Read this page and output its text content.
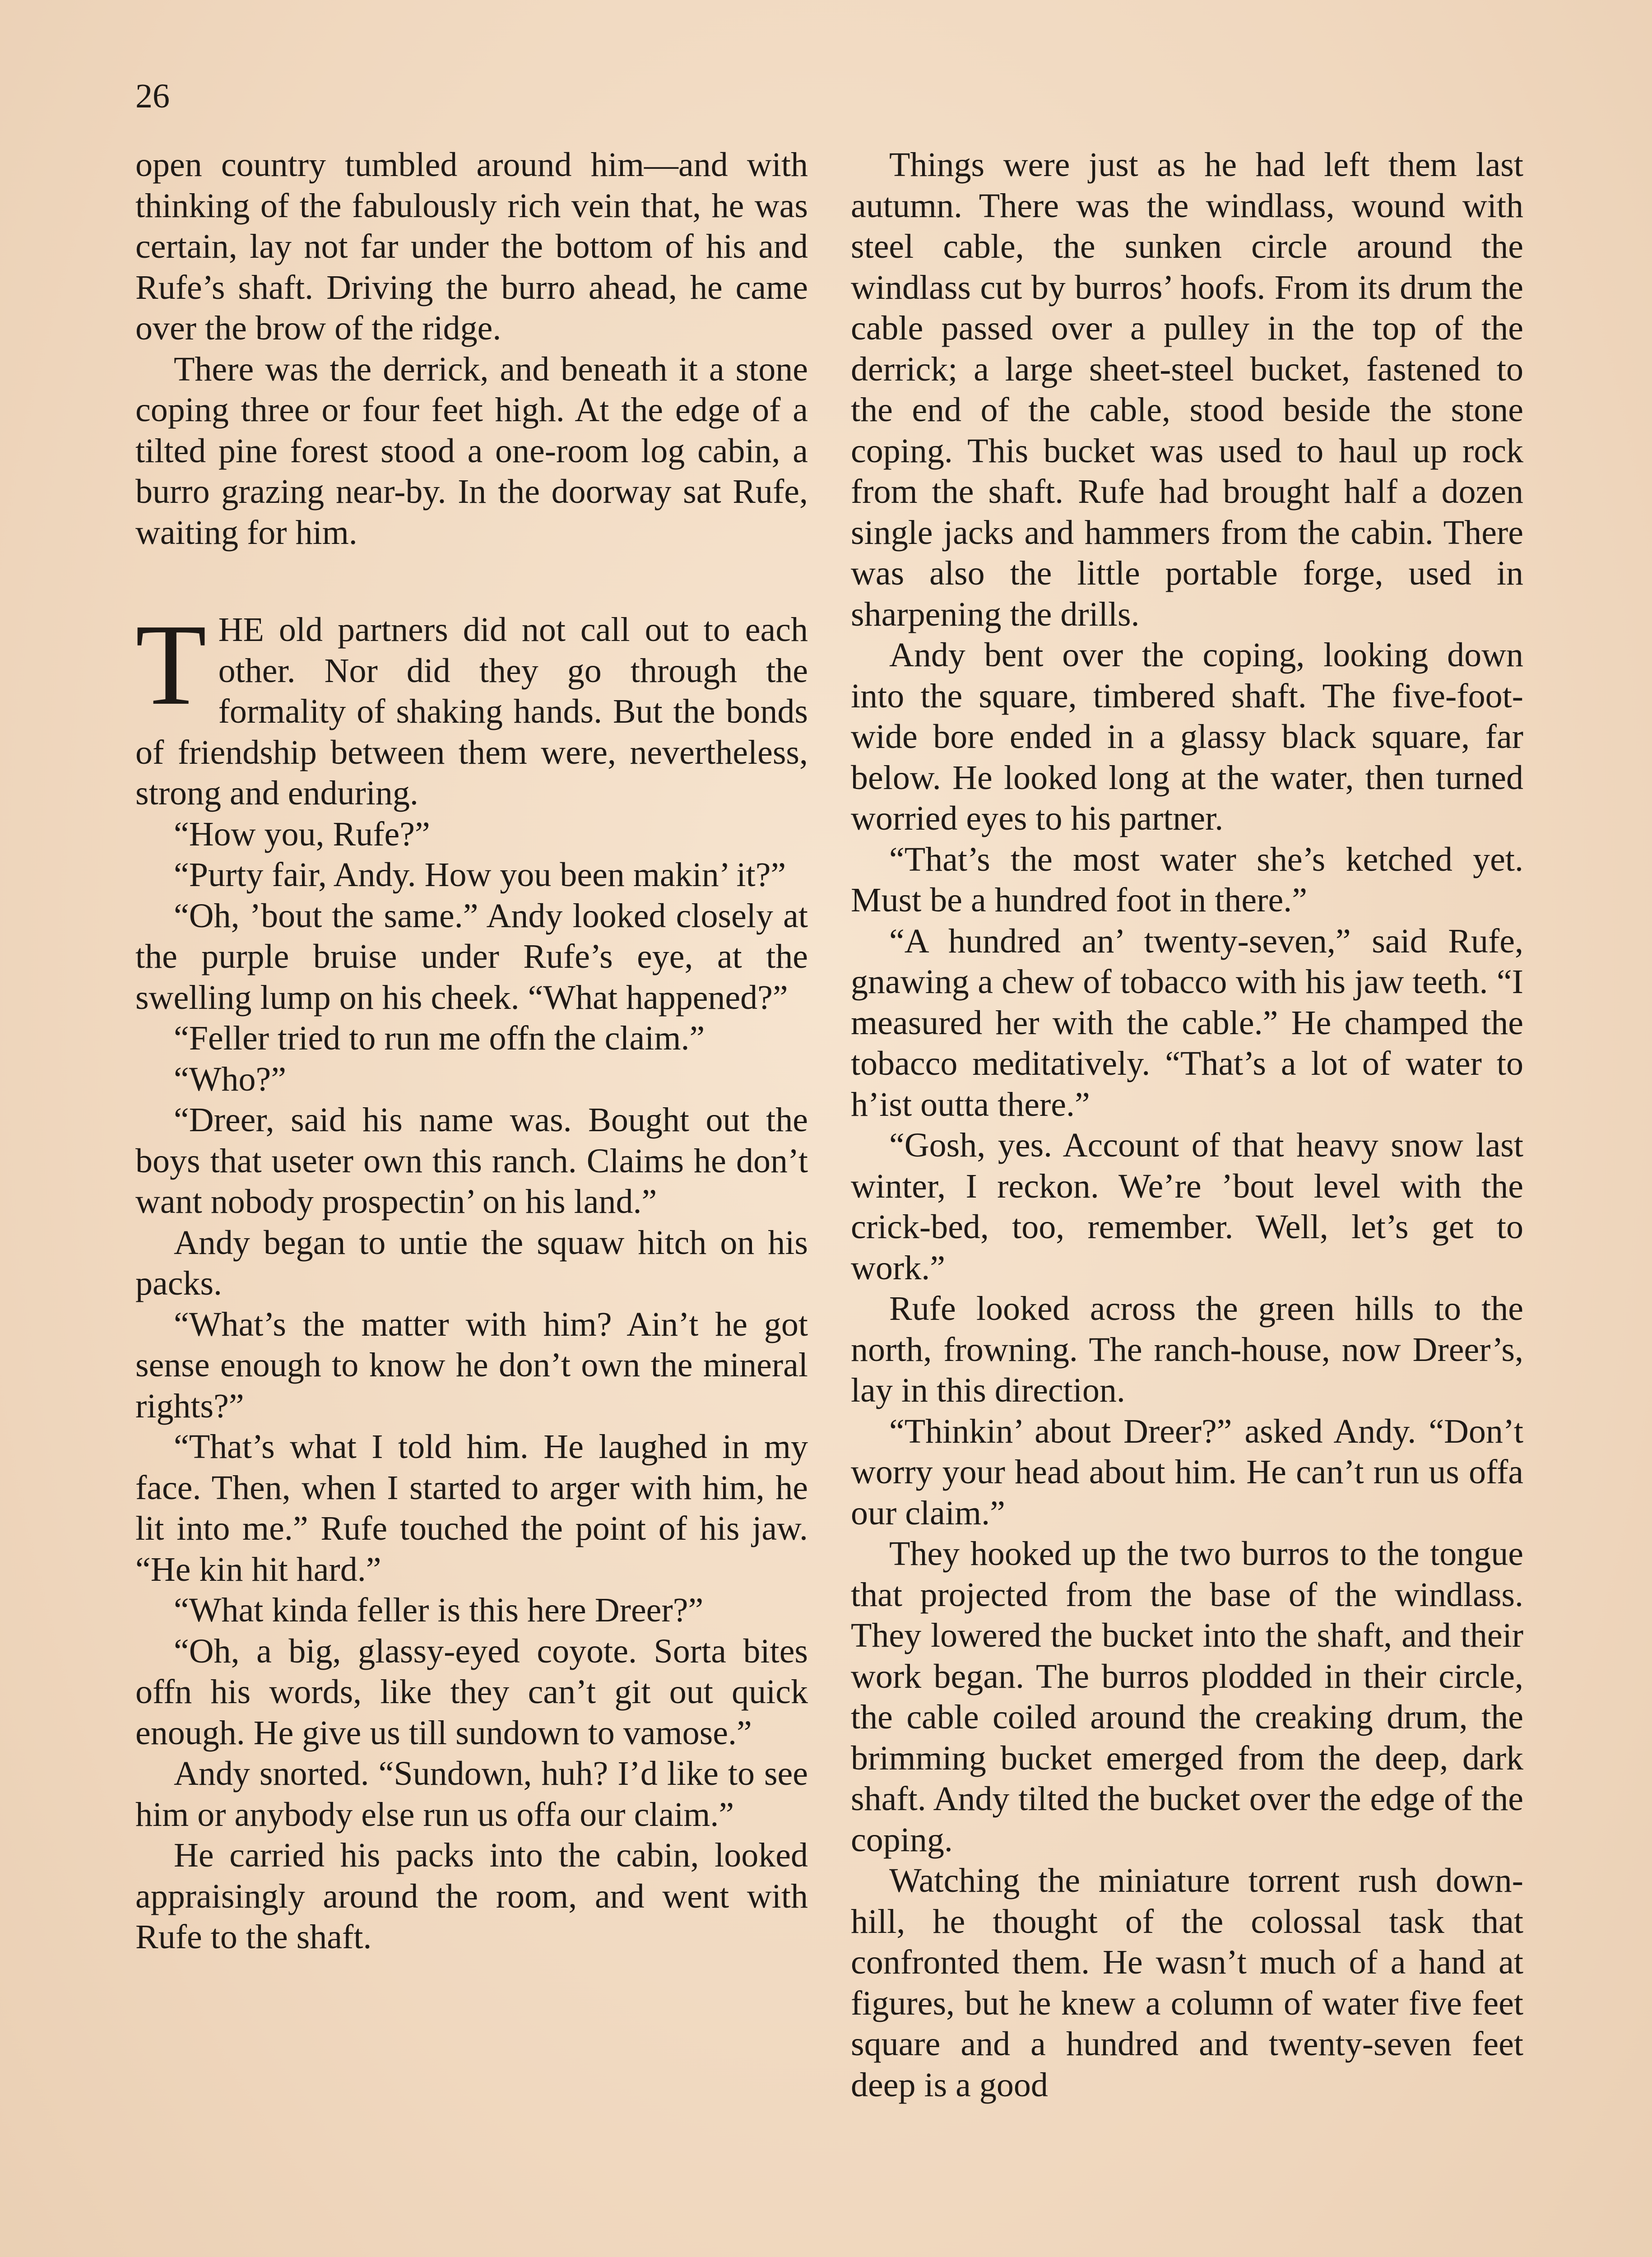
26

open country tumbled around him—and with thinking of the fabulously rich vein that, he was certain, lay not far under the bottom of his and Rufe’s shaft. Driving the burro ahead, he came over the brow of the ridge.

There was the derrick, and beneath it a stone coping three or four feet high. At the edge of a tilted pine forest stood a one-room log cabin, a burro grazing near-by. In the doorway sat Rufe, waiting for him.

THE old partners did not call out to each other. Nor did they go through the formality of shaking hands. But the bonds of friendship between them were, nevertheless, strong and enduring.

“How you, Rufe?”

“Purty fair, Andy. How you been makin’ it?”

“Oh, ’bout the same.” Andy looked closely at the purple bruise under Rufe’s eye, at the swelling lump on his cheek. “What happened?”

“Feller tried to run me offn the claim.”

“Who?”

“Dreer, said his name was. Bought out the boys that useter own this ranch. Claims he don’t want nobody prospectin’ on his land.”

Andy began to untie the squaw hitch on his packs.

“What’s the matter with him? Ain’t he got sense enough to know he don’t own the mineral rights?”

“That’s what I told him. He laughed in my face. Then, when I started to arger with him, he lit into me.” Rufe touched the point of his jaw. “He kin hit hard.”

“What kinda feller is this here Dreer?”

“Oh, a big, glassy-eyed coyote. Sorta bites offn his words, like they can’t git out quick enough. He give us till sundown to vamose.”

Andy snorted. “Sundown, huh? I’d like to see him or anybody else run us offa our claim.”

He carried his packs into the cabin, looked appraisingly around the room, and went with Rufe to the shaft.

Things were just as he had left them last autumn. There was the windlass, wound with steel cable, the sunken circle around the windlass cut by burros’ hoofs. From its drum the cable passed over a pulley in the top of the derrick; a large sheet-steel bucket, fastened to the end of the cable, stood beside the stone coping. This bucket was used to haul up rock from the shaft. Rufe had brought half a dozen single jacks and hammers from the cabin. There was also the little portable forge, used in sharpening the drills.

Andy bent over the coping, looking down into the square, timbered shaft. The five-foot-wide bore ended in a glassy black square, far below. He looked long at the water, then turned worried eyes to his partner.

“That’s the most water she’s ketched yet. Must be a hundred foot in there.”

“A hundred an’ twenty-seven,” said Rufe, gnawing a chew of tobacco with his jaw teeth. “I measured her with the cable.” He champed the tobacco meditatively. “That’s a lot of water to h’ist outta there.”

“Gosh, yes. Account of that heavy snow last winter, I reckon. We’re ’bout level with the crick-bed, too, remember. Well, let’s get to work.”

Rufe looked across the green hills to the north, frowning. The ranch-house, now Dreer’s, lay in this direction.

“Thinkin’ about Dreer?” asked Andy. “Don’t worry your head about him. He can’t run us offa our claim.”

They hooked up the two burros to the tongue that projected from the base of the windlass. They lowered the bucket into the shaft, and their work began. The burros plodded in their circle, the cable coiled around the creaking drum, the brimming bucket emerged from the deep, dark shaft. Andy tilted the bucket over the edge of the coping.

Watching the miniature torrent rush down-hill, he thought of the colossal task that confronted them. He wasn’t much of a hand at figures, but he knew a column of water five feet square and a hundred and twenty-seven feet deep is a good
